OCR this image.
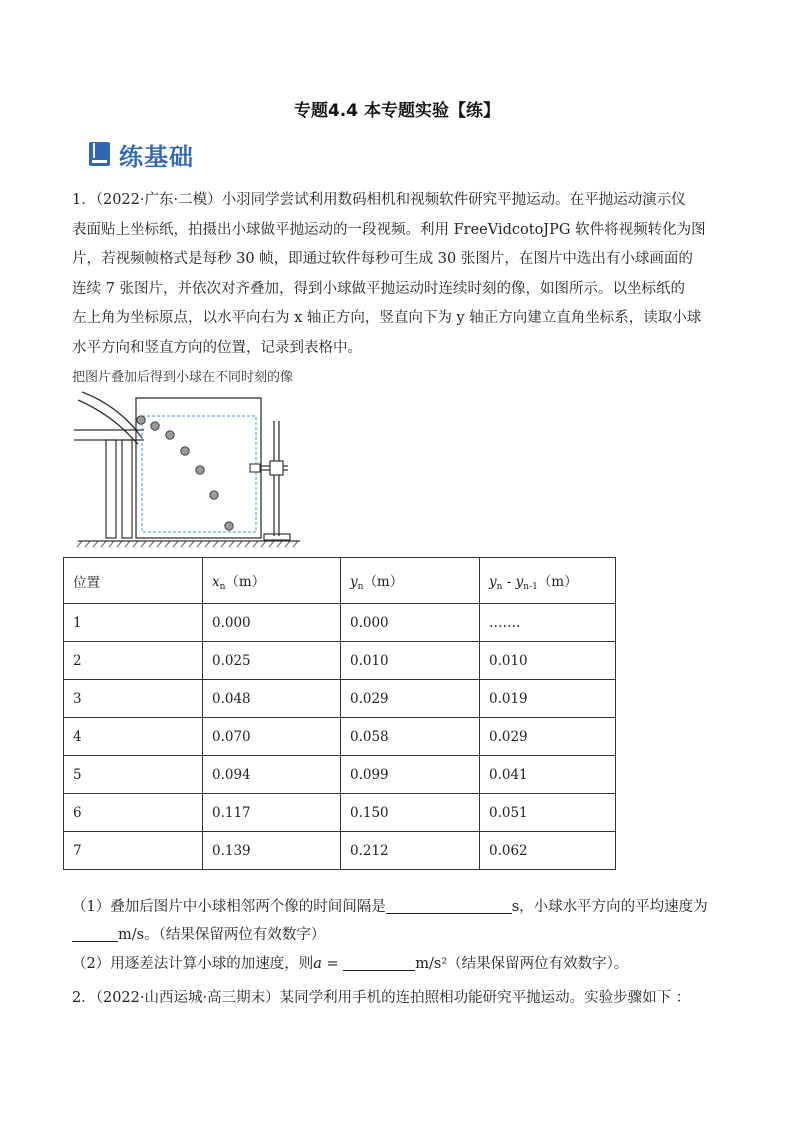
专题4.4 本专题实验【练】
练基础
1．（2022·广东·二模）小羽同学尝试利用数码相机和视频软件研究平抛运动。在平抛运动演示仪
表面贴上坐标纸，拍摄出小球做平抛运动的一段视频。利用 FreeVidcotoJPG 软件将视频转化为图
片，若视频帧格式是每秒 30 帧，即通过软件每秒可生成 30 张图片，在图片中选出有小球画面的
连续 7 张图片，并依次对齐叠加，得到小球做平抛运动时连续时刻的像，如图所示。以坐标纸的
左上角为坐标原点，以水平向右为 x 轴正方向，竖直向下为 y 轴正方向建立直角坐标系，读取小球
水平方向和竖直方向的位置，记录到表格中。
把图片叠加后得到小球在不同时刻的像
位置	$x_n(m)$	$y_n(m)$	$y_n - y_{n-1}(m)$
1	0.000	0.000	…….
2	0.025	0.010	0.010
3	0.048	0.029	0.019
4	0.070	0.058	0.029
5	0.094	0.099	0.041
6	0.117	0.150	0.051
7	0.139	0.212	0.062
（1）叠加后图片中小球相邻两个像的时间间隔是	s，小球水平方向的平均速度为
m/s。（结果保留两位有效数字）
（2）用逐差法计算小球的加速度，则a =	m/s²（结果保留两位有效数字）。
2．（2022·山西运城·高三期末）某同学利用手机的连拍照相功能研究平抛运动。实验步骤如下 ：
